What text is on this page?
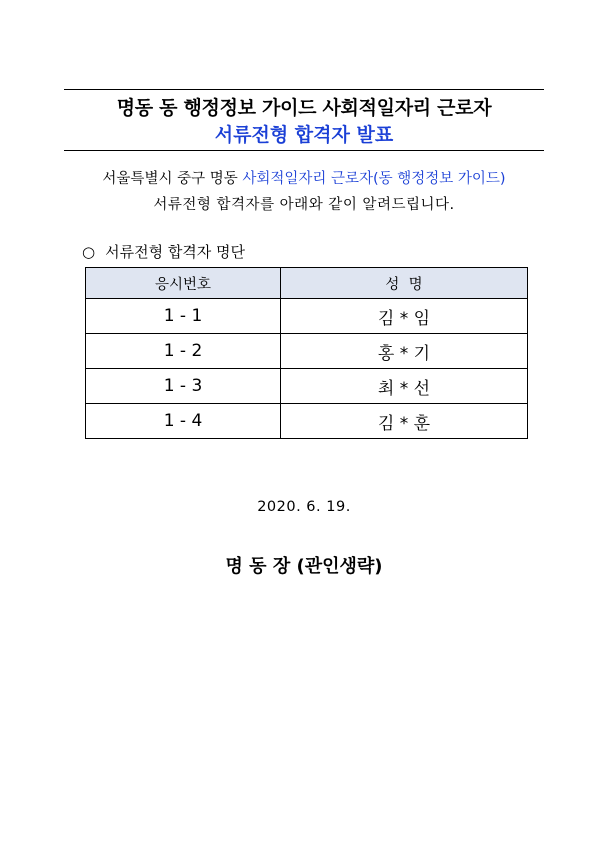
명동 동 행정정보 가이드 사회적일자리 근로자
서류전형 합격자 발표
서울특별시 중구 명동 사회적일자리 근로자(동 행정정보 가이드)
서류전형 합격자를 아래와 같이 알려드립니다.
○ 서류전형 합격자 명단
응시번호	성  명
1 - 1	김 * 임
1 - 2	홍 * 기
1 - 3	최 * 선
1 - 4	김 * 훈
2020. 6. 19.
명 동 장 (관인생략)
